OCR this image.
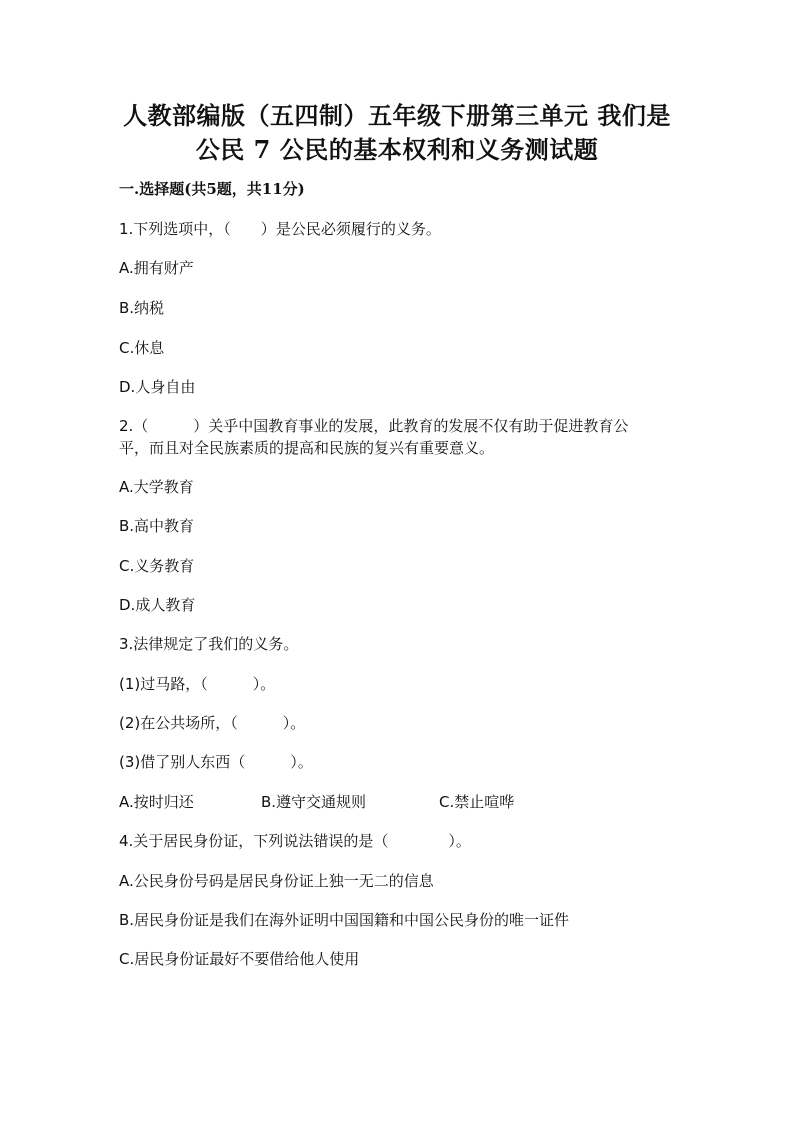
人教部编版（五四制）五年级下册第三单元 我们是
公民 7 公民的基本权利和义务测试题
一.选择题(共5题，共11分)
1.下列选项中，（　　）是公民必须履行的义务。
A.拥有财产
B.纳税
C.休息
D.人身自由
2.（　　　）关乎中国教育事业的发展，此教育的发展不仅有助于促进教育公
平，而且对全民族素质的提高和民族的复兴有重要意义。
A.大学教育
B.高中教育
C.义务教育
D.成人教育
3.法律规定了我们的义务。
(1)过马路，（　　　）。
(2)在公共场所，（　　　）。
(3)借了别人东西（　　　）。
A.按时归还	B.遵守交通规则	C.禁止喧哗
4.关于居民身份证，下列说法错误的是（　　　　）。
A.公民身份号码是居民身份证上独一无二的信息
B.居民身份证是我们在海外证明中国国籍和中国公民身份的唯一证件
C.居民身份证最好不要借给他人使用
